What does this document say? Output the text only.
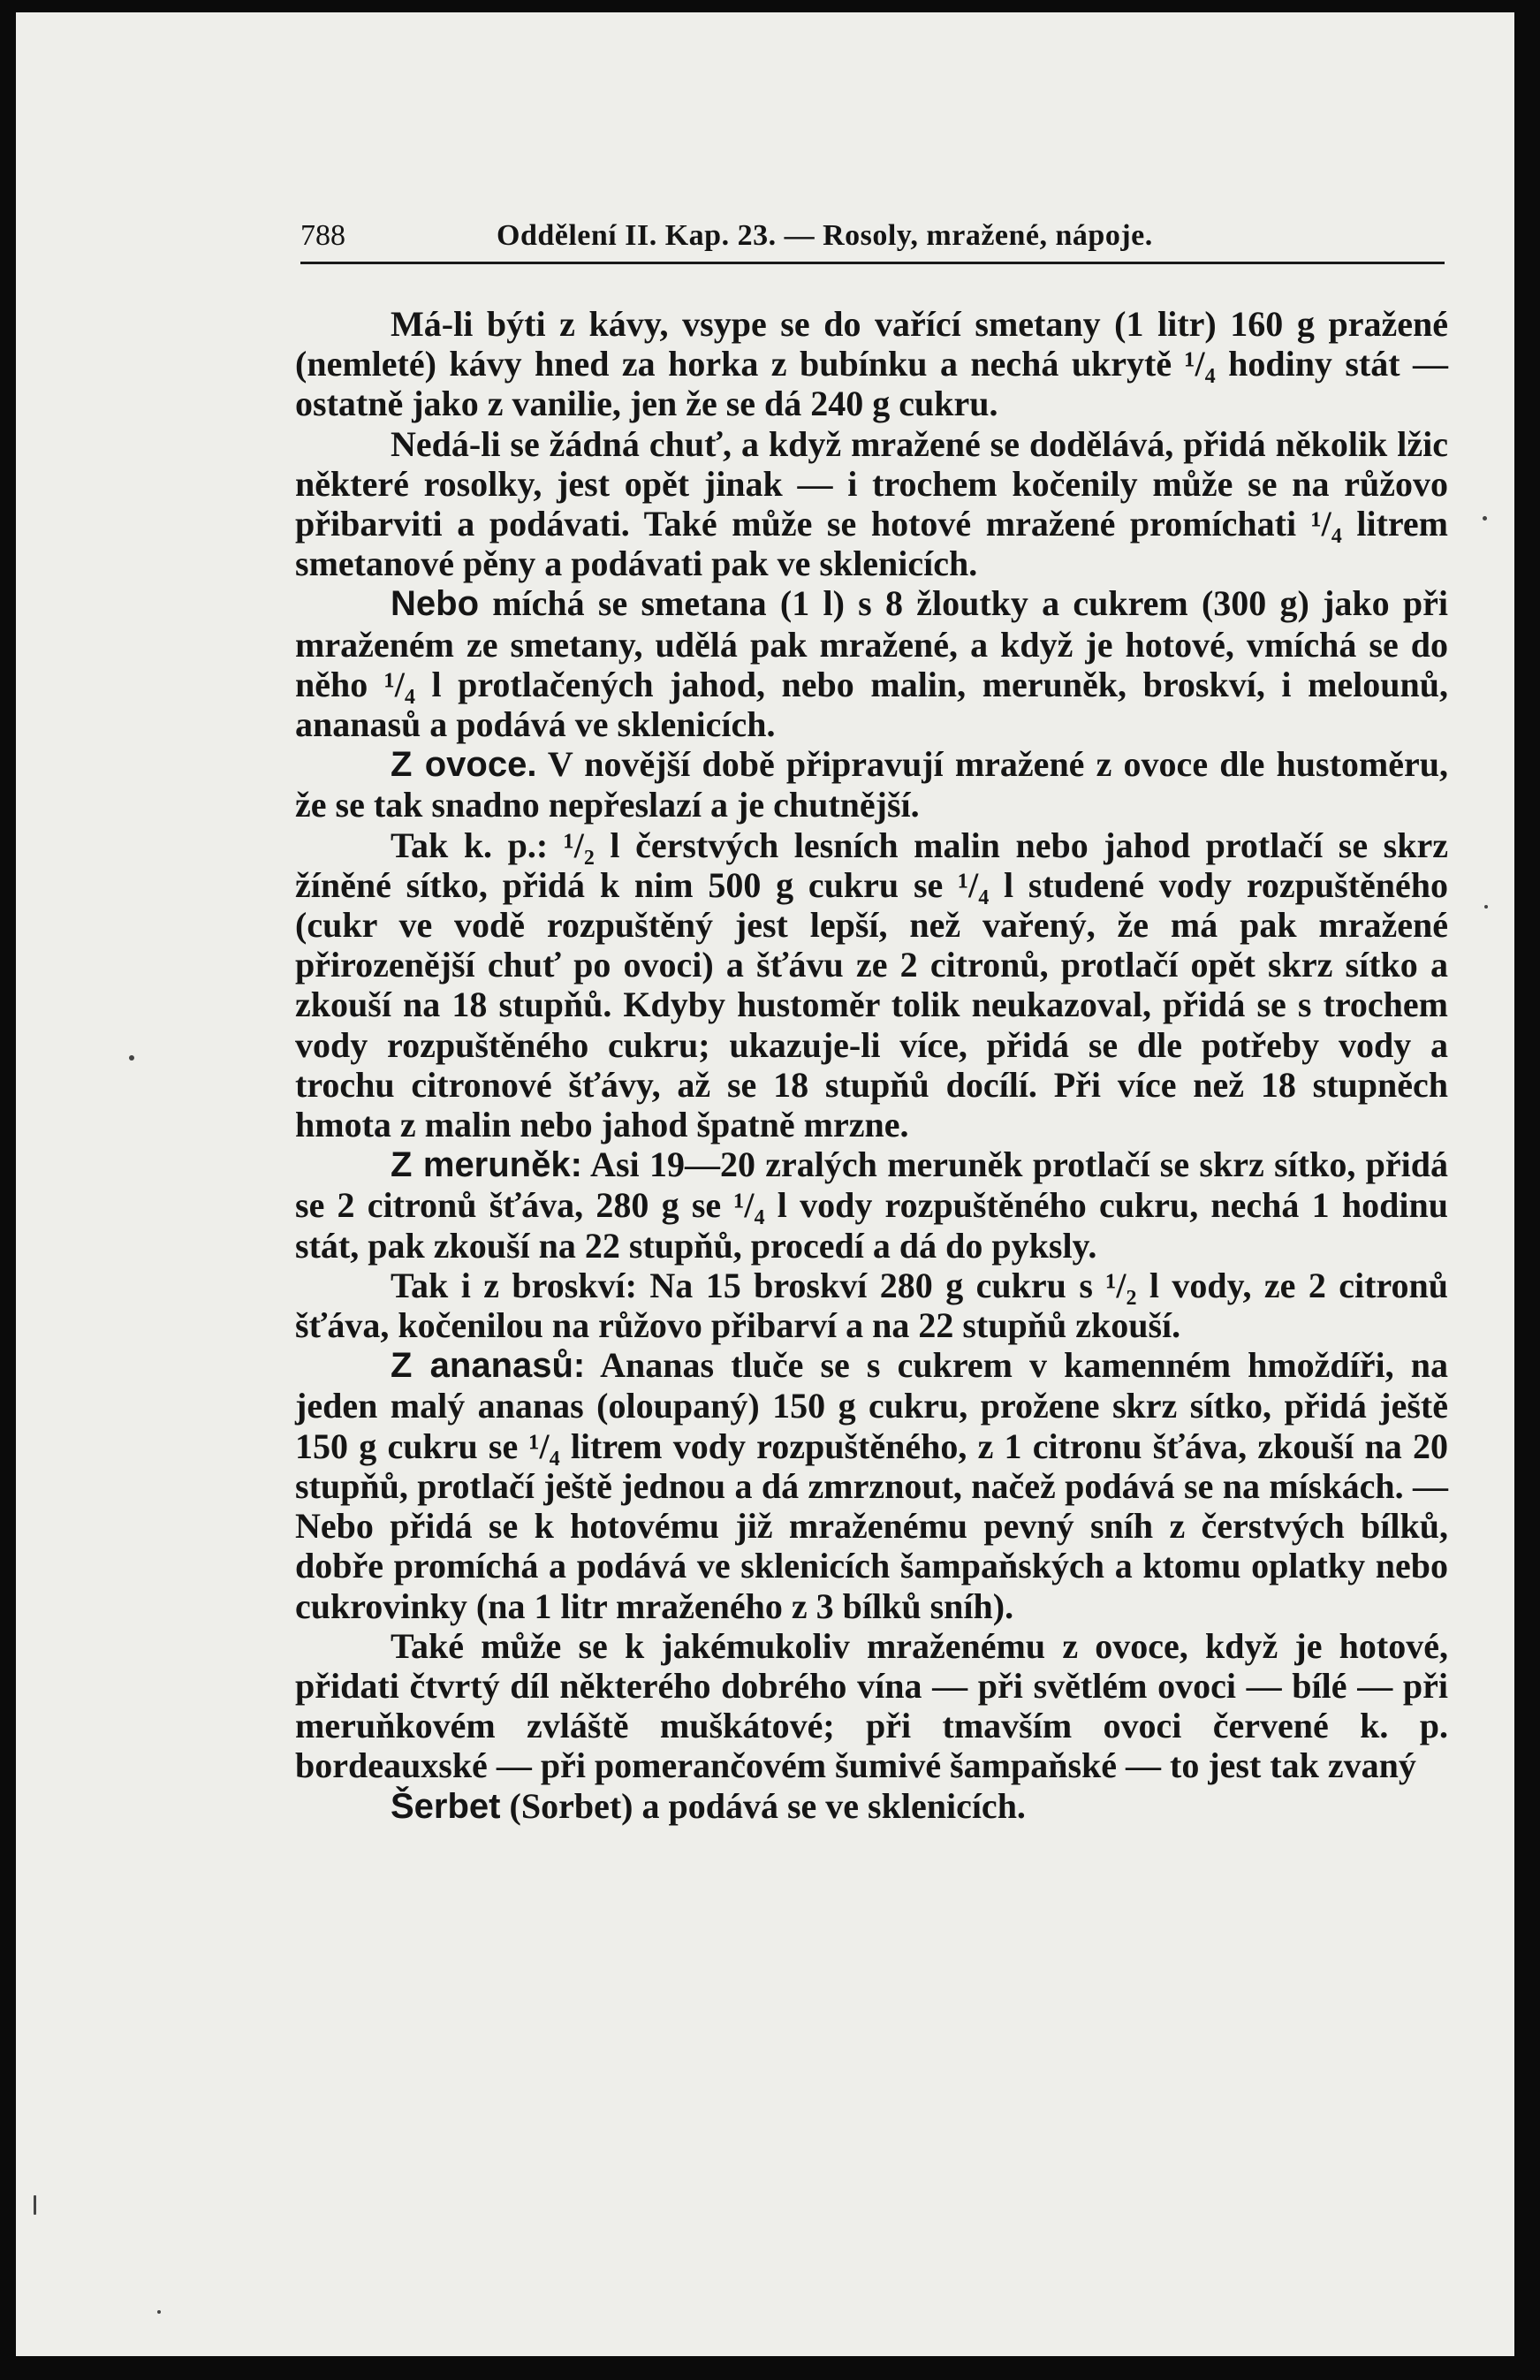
788	Oddělení II. Kap. 23. — Rosoly, mražené, nápoje.

Má-li býti z kávy, vsype se do vařící smetany (1 litr) 160 g pražené (nemleté) kávy hned za horka z bubínku a nechá ukrytě ¹/₄ hodiny stát — ostatně jako z vanilie, jen že se dá 240 g cukru.

Nedá-li se žádná chuť, a když mražené se dodělává, přidá několik lžic některé rosolky, jest opět jinak — i trochem kočenily může se na růžovo přibarviti a podávati. Také může se hotové mražené promíchati ¹/₄ litrem smetanové pěny a podávati pak ve sklenicích.

Nebo míchá se smetana (1 l) s 8 žloutky a cukrem (300 g) jako při mraženém ze smetany, udělá pak mražené, a když je hotové, vmíchá se do něho ¹/₄ l protlačených jahod, nebo malin, meruněk, broskví, i melounů, ananasů a podává ve sklenicích.

Z ovoce. V novější době připravují mražené z ovoce dle hustoměru, že se tak snadno nepřeslazí a je chutnější.

Tak k. p.: ¹/₂ l čerstvých lesních malin nebo jahod protlačí se skrz žíněné sítko, přidá k nim 500 g cukru se ¹/₄ l studené vody rozpuštěného (cukr ve vodě rozpuštěný jest lepší, než vařený, že má pak mražené přirozenější chuť po ovoci) a šťávu ze 2 citronů, protlačí opět skrz sítko a zkouší na 18 stupňů. Kdyby hustoměr tolik neukazoval, přidá se s trochem vody rozpuštěného cukru; ukazuje-li více, přidá se dle potřeby vody a trochu citronové šťávy, až se 18 stupňů docílí. Při více než 18 stupněch hmota z malin nebo jahod špatně mrzne.

Z meruněk: Asi 19—20 zralých meruněk protlačí se skrz sítko, přidá se 2 citronů šťáva, 280 g se ¹/₄ l vody rozpuštěného cukru, nechá 1 hodinu stát, pak zkouší na 22 stupňů, procedí a dá do pyksly.

Tak i z broskví: Na 15 broskví 280 g cukru s ¹/₂ l vody, ze 2 citronů šťáva, kočenilou na růžovo přibarví a na 22 stupňů zkouší.

Z ananasů: Ananas tluče se s cukrem v kamenném hmoždíři, na jeden malý ananas (oloupaný) 150 g cukru, prožene skrz sítko, přidá ještě 150 g cukru se ¹/₄ litrem vody rozpuštěného, z 1 citronu šťáva, zkouší na 20 stupňů, protlačí ještě jednou a dá zmrznout, načež podává se na mískách. —Nebo přidá se k hotovému již mraženému pevný sníh z čerstvých bílků, dobře promíchá a podává ve sklenicích šampaňských a ktomu oplatky nebo cukrovinky (na 1 litr mraženého z 3 bílků sníh).

Také může se k jakémukoliv mraženému z ovoce, když je hotové, přidati čtvrtý díl některého dobrého vína — při světlém ovoci — bílé — při meruňkovém zvláště muškátové; při tmavším ovoci červené k. p. bordeauxské — při pomerančovém šumivé šampaňské — to jest tak zvaný

Šerbet (Sorbet) a podává se ve sklenicích.
